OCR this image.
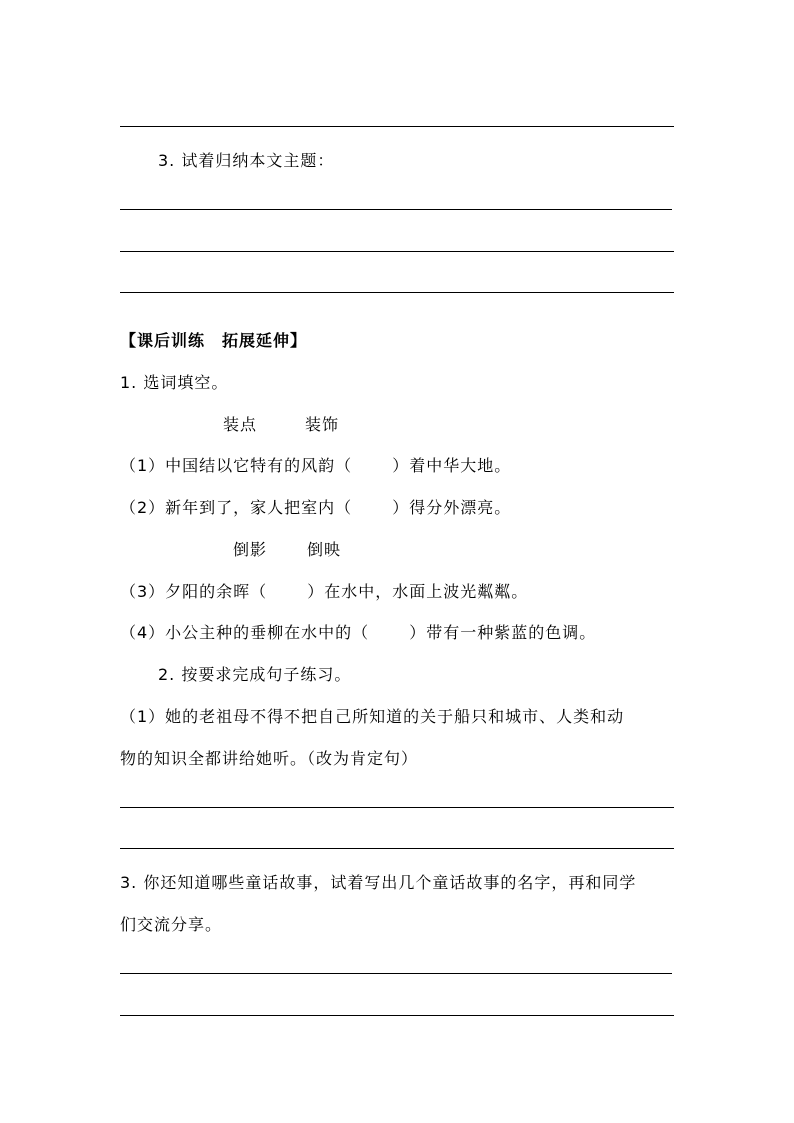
3. 试着归纳本文主题：
【课后训练　拓展延伸】
1. 选词填空。
装点	装饰
（1）中国结以它特有的风韵（	）着中华大地。
（2）新年到了，家人把室内（	）得分外漂亮。
倒影	倒映
（3）夕阳的余晖（	）在水中，水面上波光粼粼。
（4）小公主种的垂柳在水中的（	）带有一种紫蓝的色调。
2. 按要求完成句子练习。
（1）她的老祖母不得不把自己所知道的关于船只和城市、人类和动
物的知识全都讲给她听。（改为肯定句）
3. 你还知道哪些童话故事，试着写出几个童话故事的名字，再和同学
们交流分享。
